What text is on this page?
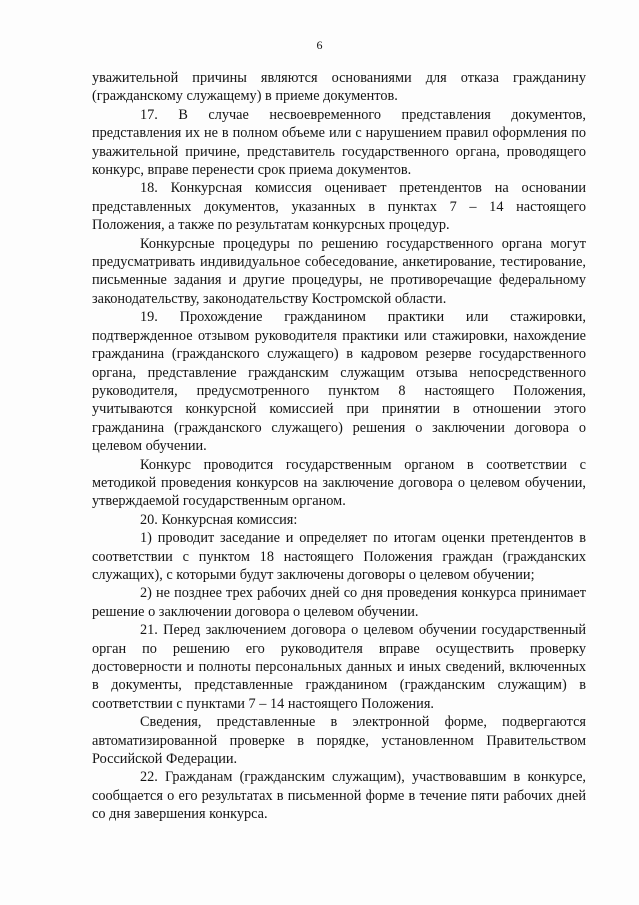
6

уважительной причины являются основаниями для отказа гражданину (гражданскому служащему) в приеме документов.

17. В случае несвоевременного представления документов, представления их не в полном объеме или с нарушением правил оформления по уважительной причине, представитель государственного органа, проводящего конкурс, вправе перенести срок приема документов.

18. Конкурсная комиссия оценивает претендентов на основании представленных документов, указанных в пунктах 7 – 14 настоящего Положения, а также по результатам конкурсных процедур.

Конкурсные процедуры по решению государственного органа могут предусматривать индивидуальное собеседование, анкетирование, тестирование, письменные задания и другие процедуры, не противоречащие федеральному законодательству, законодательству Костромской области.

19. Прохождение гражданином практики или стажировки, подтвержденное отзывом руководителя практики или стажировки, нахождение гражданина (гражданского служащего) в кадровом резерве государственного органа, представление гражданским служащим отзыва непосредственного руководителя, предусмотренного пунктом 8 настоящего Положения, учитываются конкурсной комиссией при принятии в отношении этого гражданина (гражданского служащего) решения о заключении договора о целевом обучении.

Конкурс проводится государственным органом в соответствии с методикой проведения конкурсов на заключение договора о целевом обучении, утверждаемой государственным органом.

20. Конкурсная комиссия:

1) проводит заседание и определяет по итогам оценки претендентов в соответствии с пунктом 18 настоящего Положения граждан (гражданских служащих), с которыми будут заключены договоры о целевом обучении;

2) не позднее трех рабочих дней со дня проведения конкурса принимает решение о заключении договора о целевом обучении.

21. Перед заключением договора о целевом обучении государственный орган по решению его руководителя вправе осуществить проверку достоверности и полноты персональных данных и иных сведений, включенных в документы, представленные гражданином (гражданским служащим) в соответствии с пунктами 7 – 14 настоящего Положения.

Сведения, представленные в электронной форме, подвергаются автоматизированной проверке в порядке, установленном Правительством Российской Федерации.

22. Гражданам (гражданским служащим), участвовавшим в конкурсе, сообщается о его результатах в письменной форме в течение пяти рабочих дней со дня завершения конкурса.
